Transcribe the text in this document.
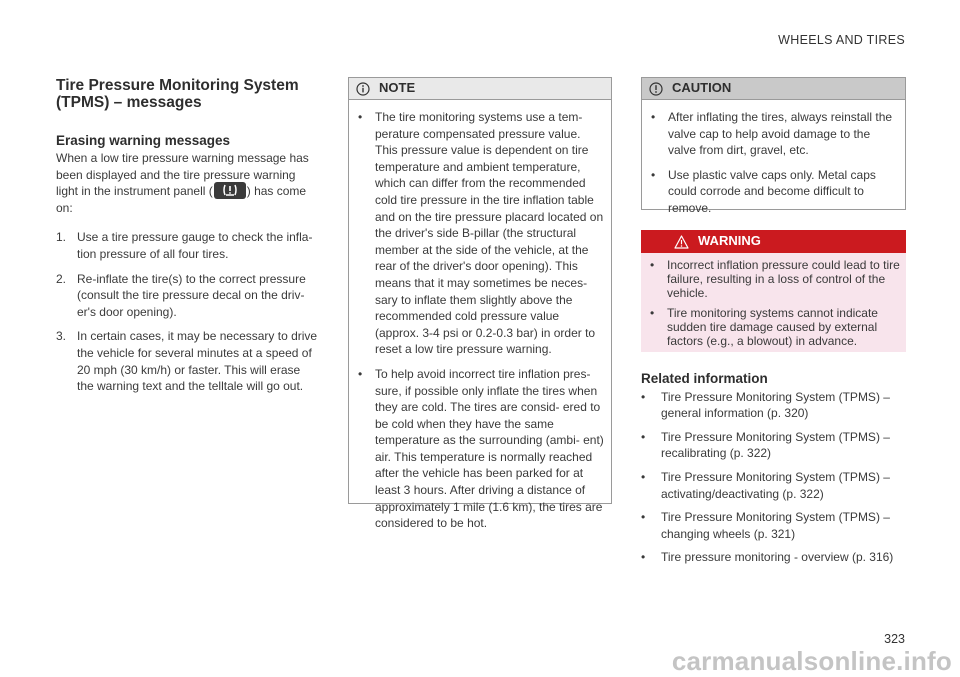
WHEELS AND TIRES
Tire Pressure Monitoring System (TPMS) – messages
Erasing warning messages

When a low tire pressure warning message has been displayed and the tire pressure warning light in the instrument panell (	) has come on:

1. Use a tire pressure gauge to check the infla- tion pressure of all four tires.
2. Re-inflate the tire(s) to the correct pressure (consult the tire pressure decal on the driv- er's door opening).
3. In certain cases, it may be necessary to drive the vehicle for several minutes at a speed of 20 mph (30 km/h) or faster. This will erase the warning text and the telltale will go out.
NOTE
• The tire monitoring systems use a tem- perature compensated pressure value. This pressure value is dependent on tire temperature and ambient temperature, which can differ from the recommended cold tire pressure in the tire inflation table and on the tire pressure placard located on the driver's side B-pillar (the structural member at the side of the vehicle, at the rear of the driver's door opening). This means that it may sometimes be neces- sary to inflate them slightly above the recommended cold pressure value (approx. 3-4 psi or 0.2-0.3 bar) in order to reset a low tire pressure warning.
• To help avoid incorrect tire inflation pres- sure, if possible only inflate the tires when they are cold. The tires are consid- ered to be cold when they have the same temperature as the surrounding (ambi- ent) air. This temperature is normally reached after the vehicle has been parked for at least 3 hours. After driving a distance of approximately 1 mile (1.6 km), the tires are considered to be hot.
CAUTION
• After inflating the tires, always reinstall the valve cap to help avoid damage to the valve from dirt, gravel, etc.
• Use plastic valve caps only. Metal caps could corrode and become difficult to remove.
WARNING
• Incorrect inflation pressure could lead to tire failure, resulting in a loss of control of the vehicle.
• Tire monitoring systems cannot indicate sudden tire damage caused by external factors (e.g., a blowout) in advance.
Related information
• Tire Pressure Monitoring System (TPMS) – general information (p. 320)
• Tire Pressure Monitoring System (TPMS) – recalibrating (p. 322)
• Tire Pressure Monitoring System (TPMS) – activating/deactivating (p. 322)
• Tire Pressure Monitoring System (TPMS) – changing wheels (p. 321)
• Tire pressure monitoring - overview (p. 316)
323
carmanualsonline.info
